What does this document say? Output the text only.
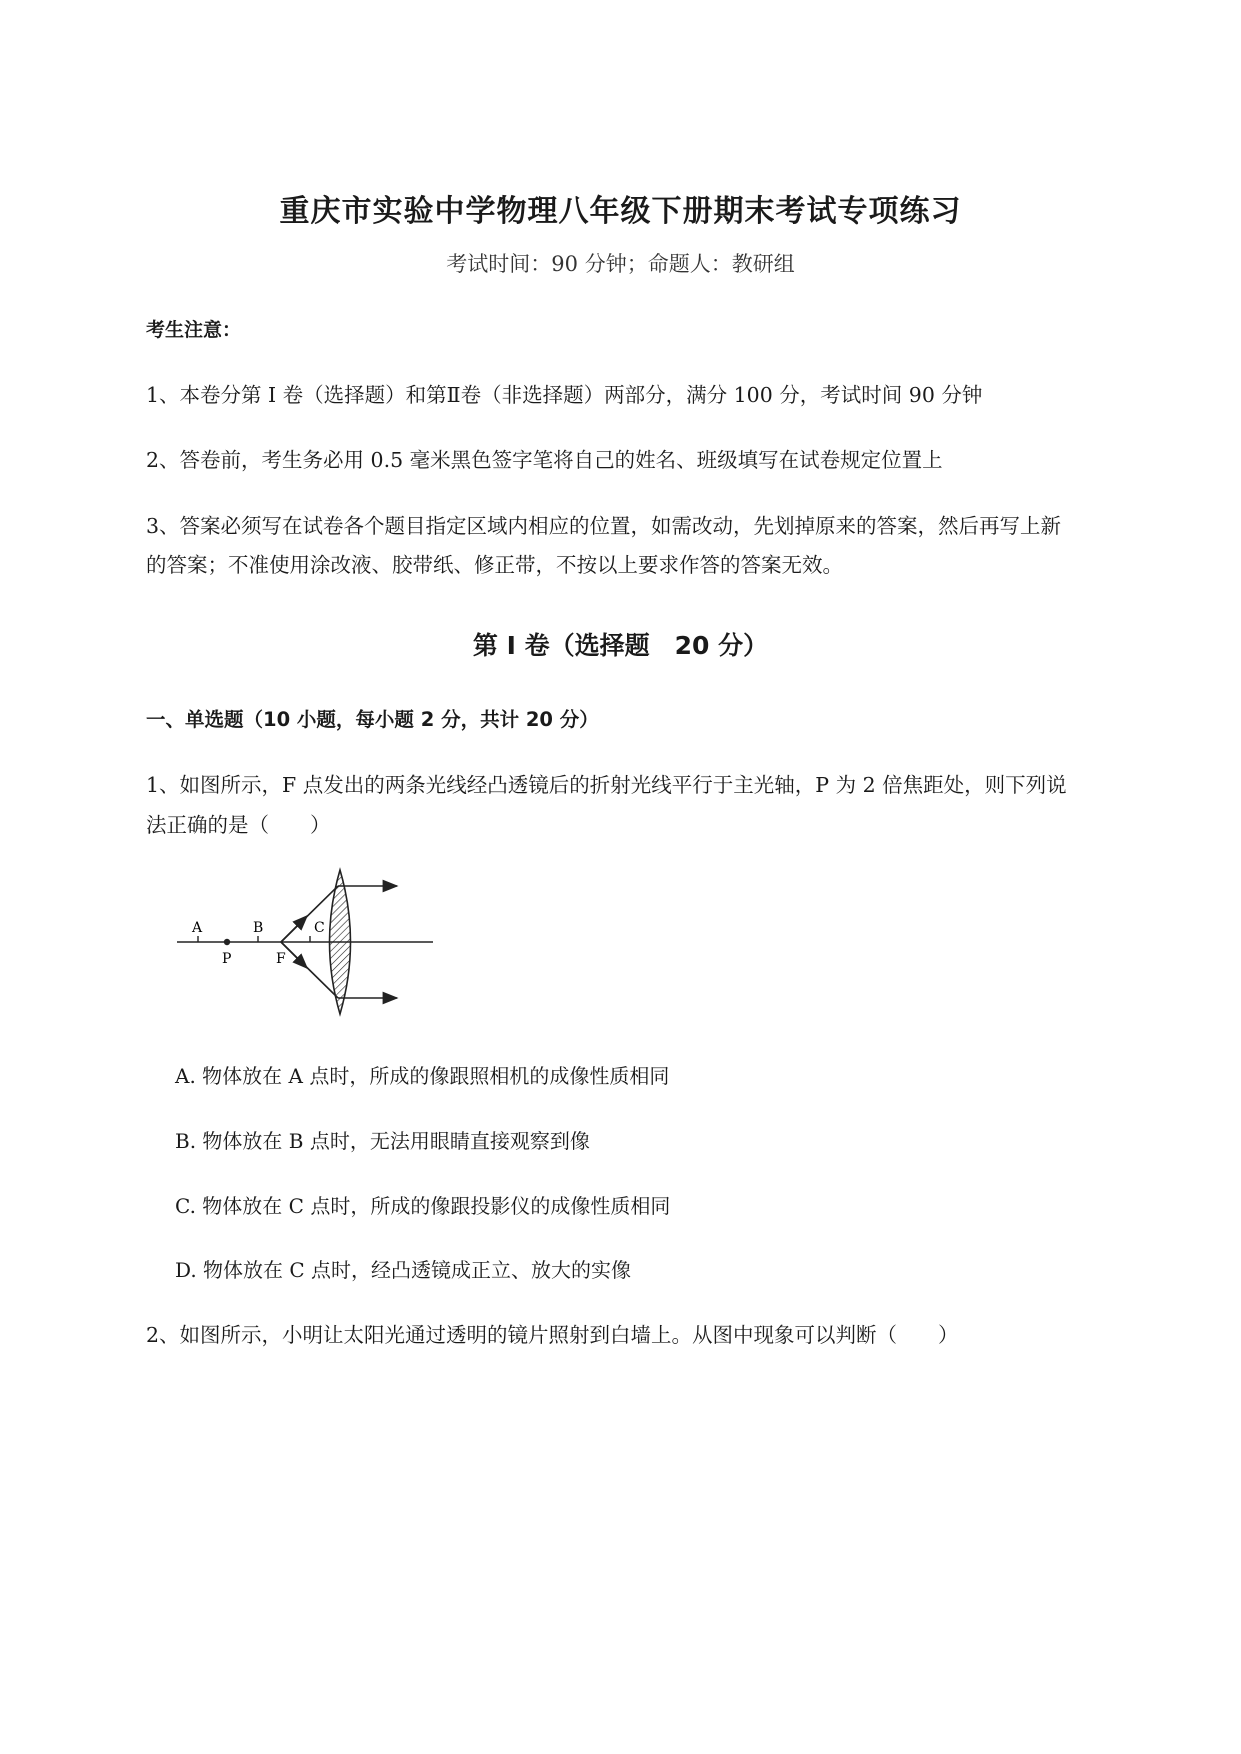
重庆市实验中学物理八年级下册期末考试专项练习
考试时间：90 分钟；命题人：教研组
考生注意：
1、本卷分第 I 卷（选择题）和第Ⅱ卷（非选择题）两部分，满分 100 分，考试时间 90 分钟
2、答卷前，考生务必用 0.5 毫米黑色签字笔将自己的姓名、班级填写在试卷规定位置上
3、答案必须写在试卷各个题目指定区域内相应的位置，如需改动，先划掉原来的答案，然后再写上新
的答案；不准使用涂改液、胶带纸、修正带，不按以上要求作答的答案无效。
第 I 卷（选择题　20 分）
一、单选题（10 小题，每小题 2 分，共计 20 分）
1、如图所示，F 点发出的两条光线经凸透镜后的折射光线平行于主光轴，P 为 2 倍焦距处，则下列说
法正确的是（　　）
A	B	C
P	F
A. 物体放在 A 点时，所成的像跟照相机的成像性质相同
B. 物体放在 B 点时，无法用眼睛直接观察到像
C. 物体放在 C 点时，所成的像跟投影仪的成像性质相同
D. 物体放在 C 点时，经凸透镜成正立、放大的实像
2、如图所示，小明让太阳光通过透明的镜片照射到白墙上。从图中现象可以判断（　　）
